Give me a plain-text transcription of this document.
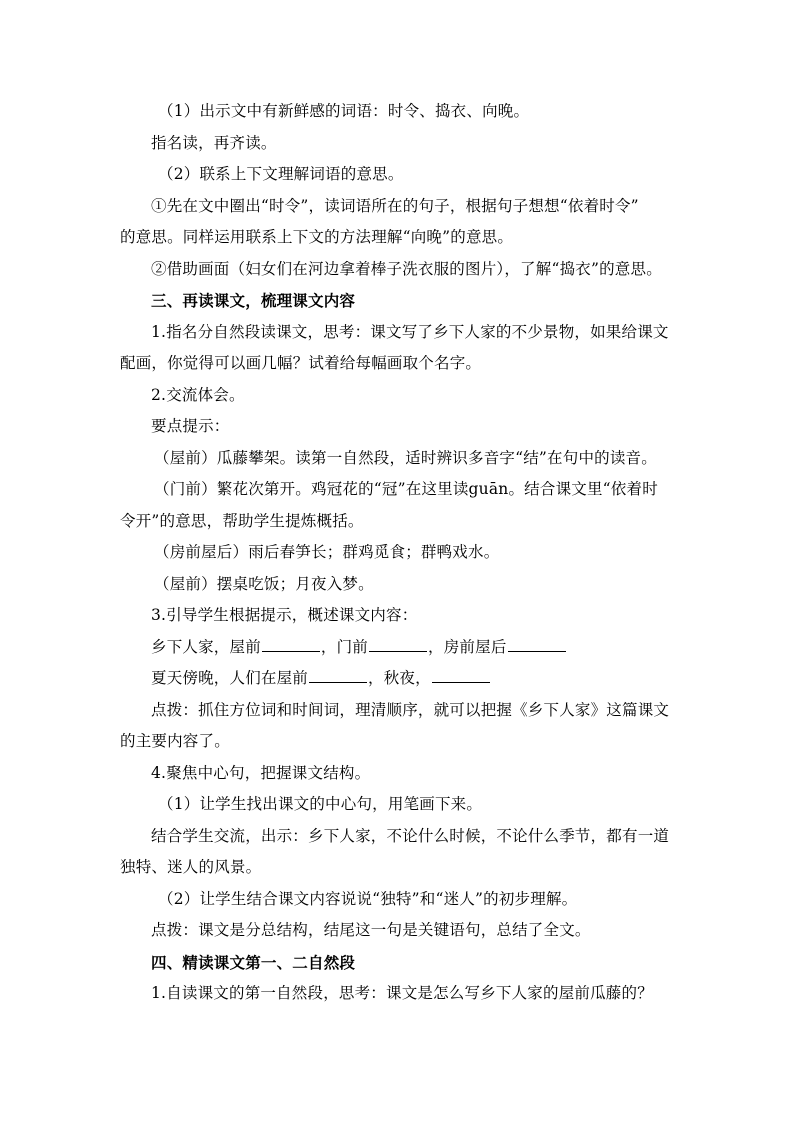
（1）出示文中有新鲜感的词语：时令、捣衣、向晚。
指名读，再齐读。
（2）联系上下文理解词语的意思。
①先在文中圈出“时令”，读词语所在的句子，根据句子想想“依着时令”
的意思。同样运用联系上下文的方法理解“向晚”的意思。
②借助画面（妇女们在河边拿着棒子洗衣服的图片），了解“捣衣”的意思。
三、再读课文，梳理课文内容
1.指名分自然段读课文，思考：课文写了乡下人家的不少景物，如果给课文
配画，你觉得可以画几幅？试着给每幅画取个名字。
2.交流体会。
要点提示：
（屋前）瓜藤攀架。读第一自然段，适时辨识多音字“结”在句中的读音。
（门前）繁花次第开。鸡冠花的“冠”在这里读guān。结合课文里“依着时
令开”的意思，帮助学生提炼概括。
（房前屋后）雨后春笋长；群鸡觅食；群鸭戏水。
（屋前）摆桌吃饭；月夜入梦。
3.引导学生根据提示，概述课文内容：
乡下人家，屋前	，门前	，房前屋后
夏天傍晚，人们在屋前	，秋夜，
点拨：抓住方位词和时间词，理清顺序，就可以把握《乡下人家》这篇课文
的主要内容了。
4.聚焦中心句，把握课文结构。
（1）让学生找出课文的中心句，用笔画下来。
结合学生交流，出示：乡下人家，不论什么时候，不论什么季节，都有一道
独特、迷人的风景。
（2）让学生结合课文内容说说“独特”和“迷人”的初步理解。
点拨：课文是分总结构，结尾这一句是关键语句，总结了全文。
四、精读课文第一、二自然段
1.自读课文的第一自然段，思考：课文是怎么写乡下人家的屋前瓜藤的？
